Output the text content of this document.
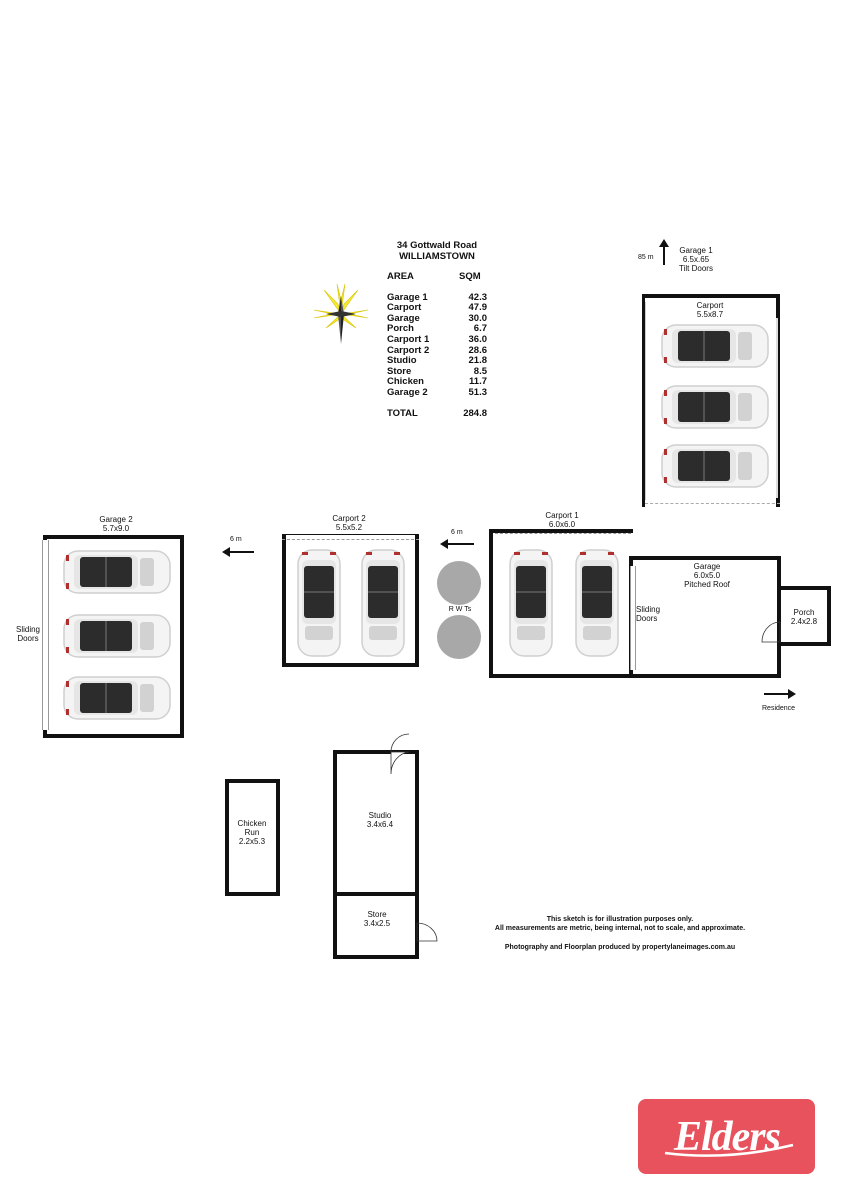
34 Gottwald Road
WILLIAMSTOWN
AREA	SQM

Garage 1	42.3
Carport	47.9
Garage	30.0
Porch	6.7
Carport 1	36.0
Carport 2	28.6
Studio	21.8
Store	8.5
Chicken	11.7
Garage 2	51.3

TOTAL	284.8
85 m
Garage 1
6.5x.65
Tilt Doors
Carport
5.5x8.7
Garage 2
5.7x9.0
Sliding
Doors
6 m
Carport 2
5.5x5.2
6 m
R W Ts
Carport 1
6.0x6.0
Garage
6.0x5.0
Pitched Roof
Sliding
Doors
Porch
2.4x2.8
Residence
Studio
3.4x6.4
Store
3.4x2.5
Chicken
Run
2.2x5.3
This sketch is for illustration purposes only.
All measurements are metric, being internal, not to scale, and approximate.
Photography and Floorplan produced by propertylaneimages.com.au
Elders
